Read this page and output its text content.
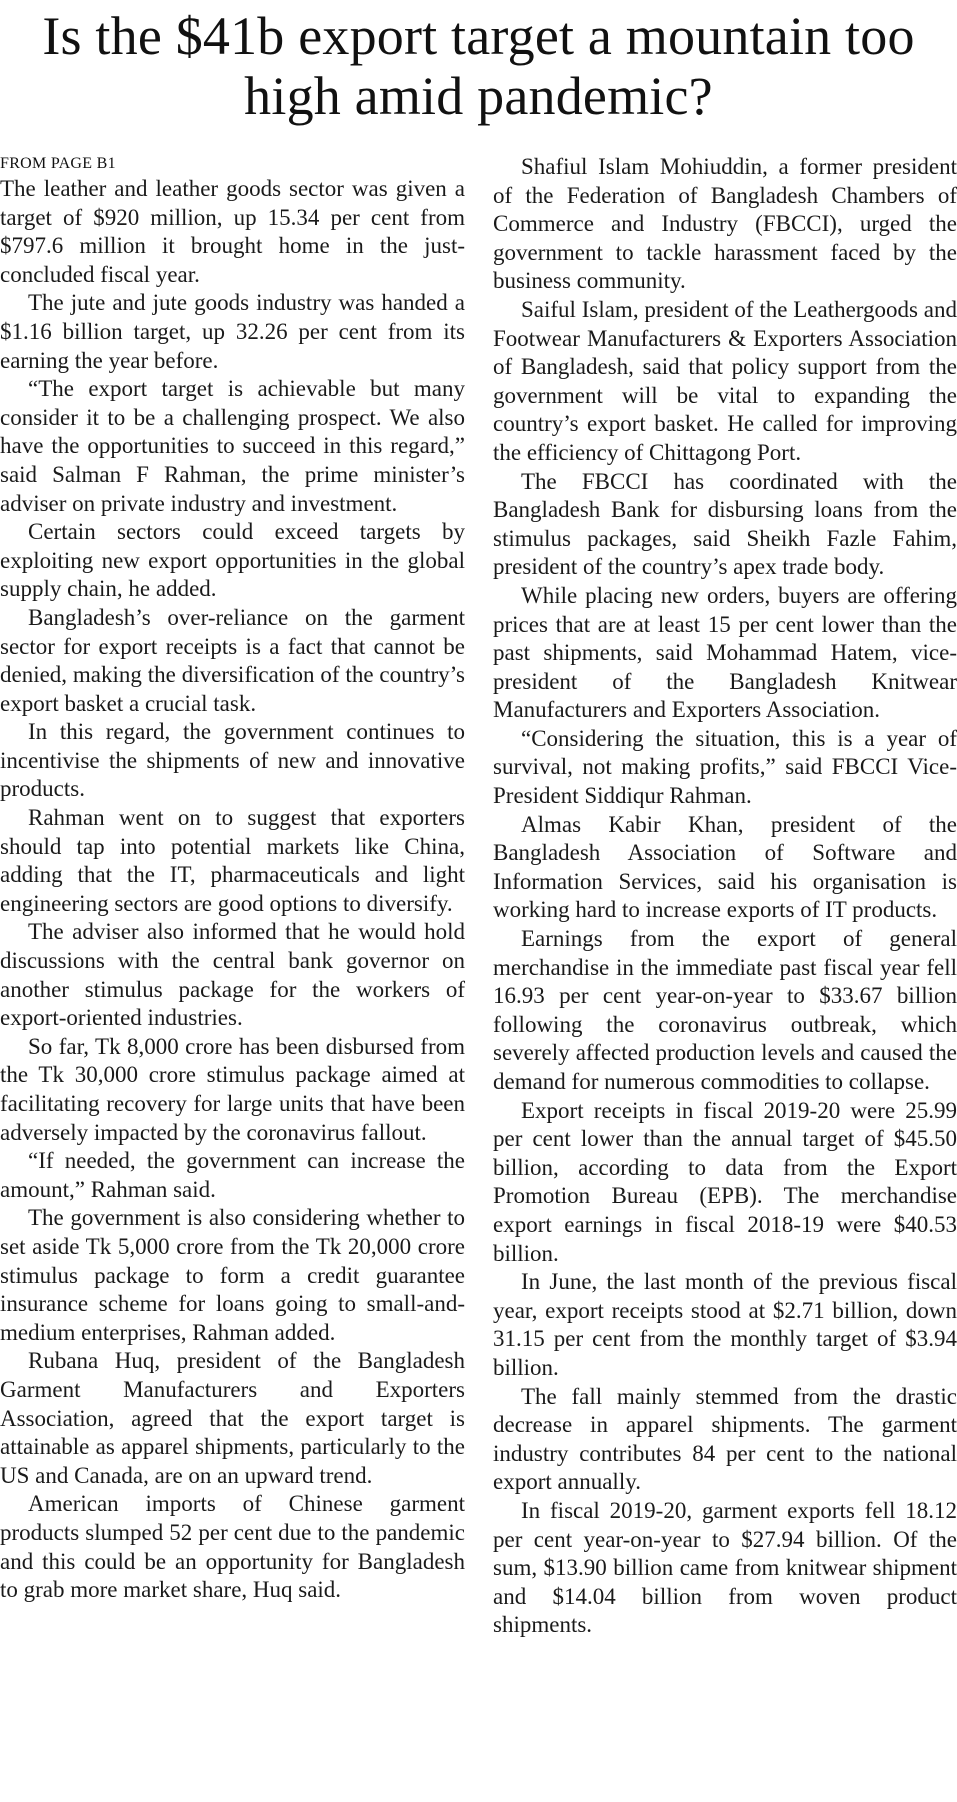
Is the $41b export target a mountain too high amid pandemic?

FROM PAGE B1

The leather and leather goods sector was given a target of $920 million, up 15.34 per cent from $797.6 million it brought home in the just-concluded fiscal year.

The jute and jute goods industry was handed a $1.16 billion target, up 32.26 per cent from its earning the year before.

“The export target is achievable but many consider it to be a challenging prospect. We also have the opportunities to succeed in this regard,” said Salman F Rahman, the prime minister’s adviser on private industry and investment.

Certain sectors could exceed targets by exploiting new export opportunities in the global supply chain, he added.

Bangladesh’s over-reliance on the garment sector for export receipts is a fact that cannot be denied, making the diversification of the country’s export basket a crucial task.

In this regard, the government continues to incentivise the shipments of new and innovative products.

Rahman went on to suggest that exporters should tap into potential markets like China, adding that the IT, pharmaceuticals and light engineering sectors are good options to diversify.

The adviser also informed that he would hold discussions with the central bank governor on another stimulus package for the workers of export-oriented industries.

So far, Tk 8,000 crore has been disbursed from the Tk 30,000 crore stimulus package aimed at facilitating recovery for large units that have been adversely impacted by the coronavirus fallout.

“If needed, the government can increase the amount,” Rahman said.

The government is also considering whether to set aside Tk 5,000 crore from the Tk 20,000 crore stimulus package to form a credit guarantee insurance scheme for loans going to small-and-medium enterprises, Rahman added.

Rubana Huq, president of the Bangladesh Garment Manufacturers and Exporters Association, agreed that the export target is attainable as apparel shipments, particularly to the US and Canada, are on an upward trend.

American imports of Chinese garment products slumped 52 per cent due to the pandemic and this could be an opportunity for Bangladesh to grab more market share, Huq said.

Shafiul Islam Mohiuddin, a former president of the Federation of Bangladesh Chambers of Commerce and Industry (FBCCI), urged the government to tackle harassment faced by the business community.

Saiful Islam, president of the Leathergoods and Footwear Manufacturers & Exporters Association of Bangladesh, said that policy support from the government will be vital to expanding the country’s export basket. He called for improving the efficiency of Chittagong Port.

The FBCCI has coordinated with the Bangladesh Bank for disbursing loans from the stimulus packages, said Sheikh Fazle Fahim, president of the country’s apex trade body.

While placing new orders, buyers are offering prices that are at least 15 per cent lower than the past shipments, said Mohammad Hatem, vice-president of the Bangladesh Knitwear Manufacturers and Exporters Association.

“Considering the situation, this is a year of survival, not making profits,” said FBCCI Vice-President Siddiqur Rahman.

Almas Kabir Khan, president of the Bangladesh Association of Software and Information Services, said his organisation is working hard to increase exports of IT products.

Earnings from the export of general merchandise in the immediate past fiscal year fell 16.93 per cent year-on-year to $33.67 billion following the coronavirus outbreak, which severely affected production levels and caused the demand for numerous commodities to collapse.

Export receipts in fiscal 2019-20 were 25.99 per cent lower than the annual target of $45.50 billion, according to data from the Export Promotion Bureau (EPB). The merchandise export earnings in fiscal 2018-19 were $40.53 billion.

In June, the last month of the previous fiscal year, export receipts stood at $2.71 billion, down 31.15 per cent from the monthly target of $3.94 billion.

The fall mainly stemmed from the drastic decrease in apparel shipments. The garment industry contributes 84 per cent to the national export annually.

In fiscal 2019-20, garment exports fell 18.12 per cent year-on-year to $27.94 billion. Of the sum, $13.90 billion came from knitwear shipment and $14.04 billion from woven product shipments.
